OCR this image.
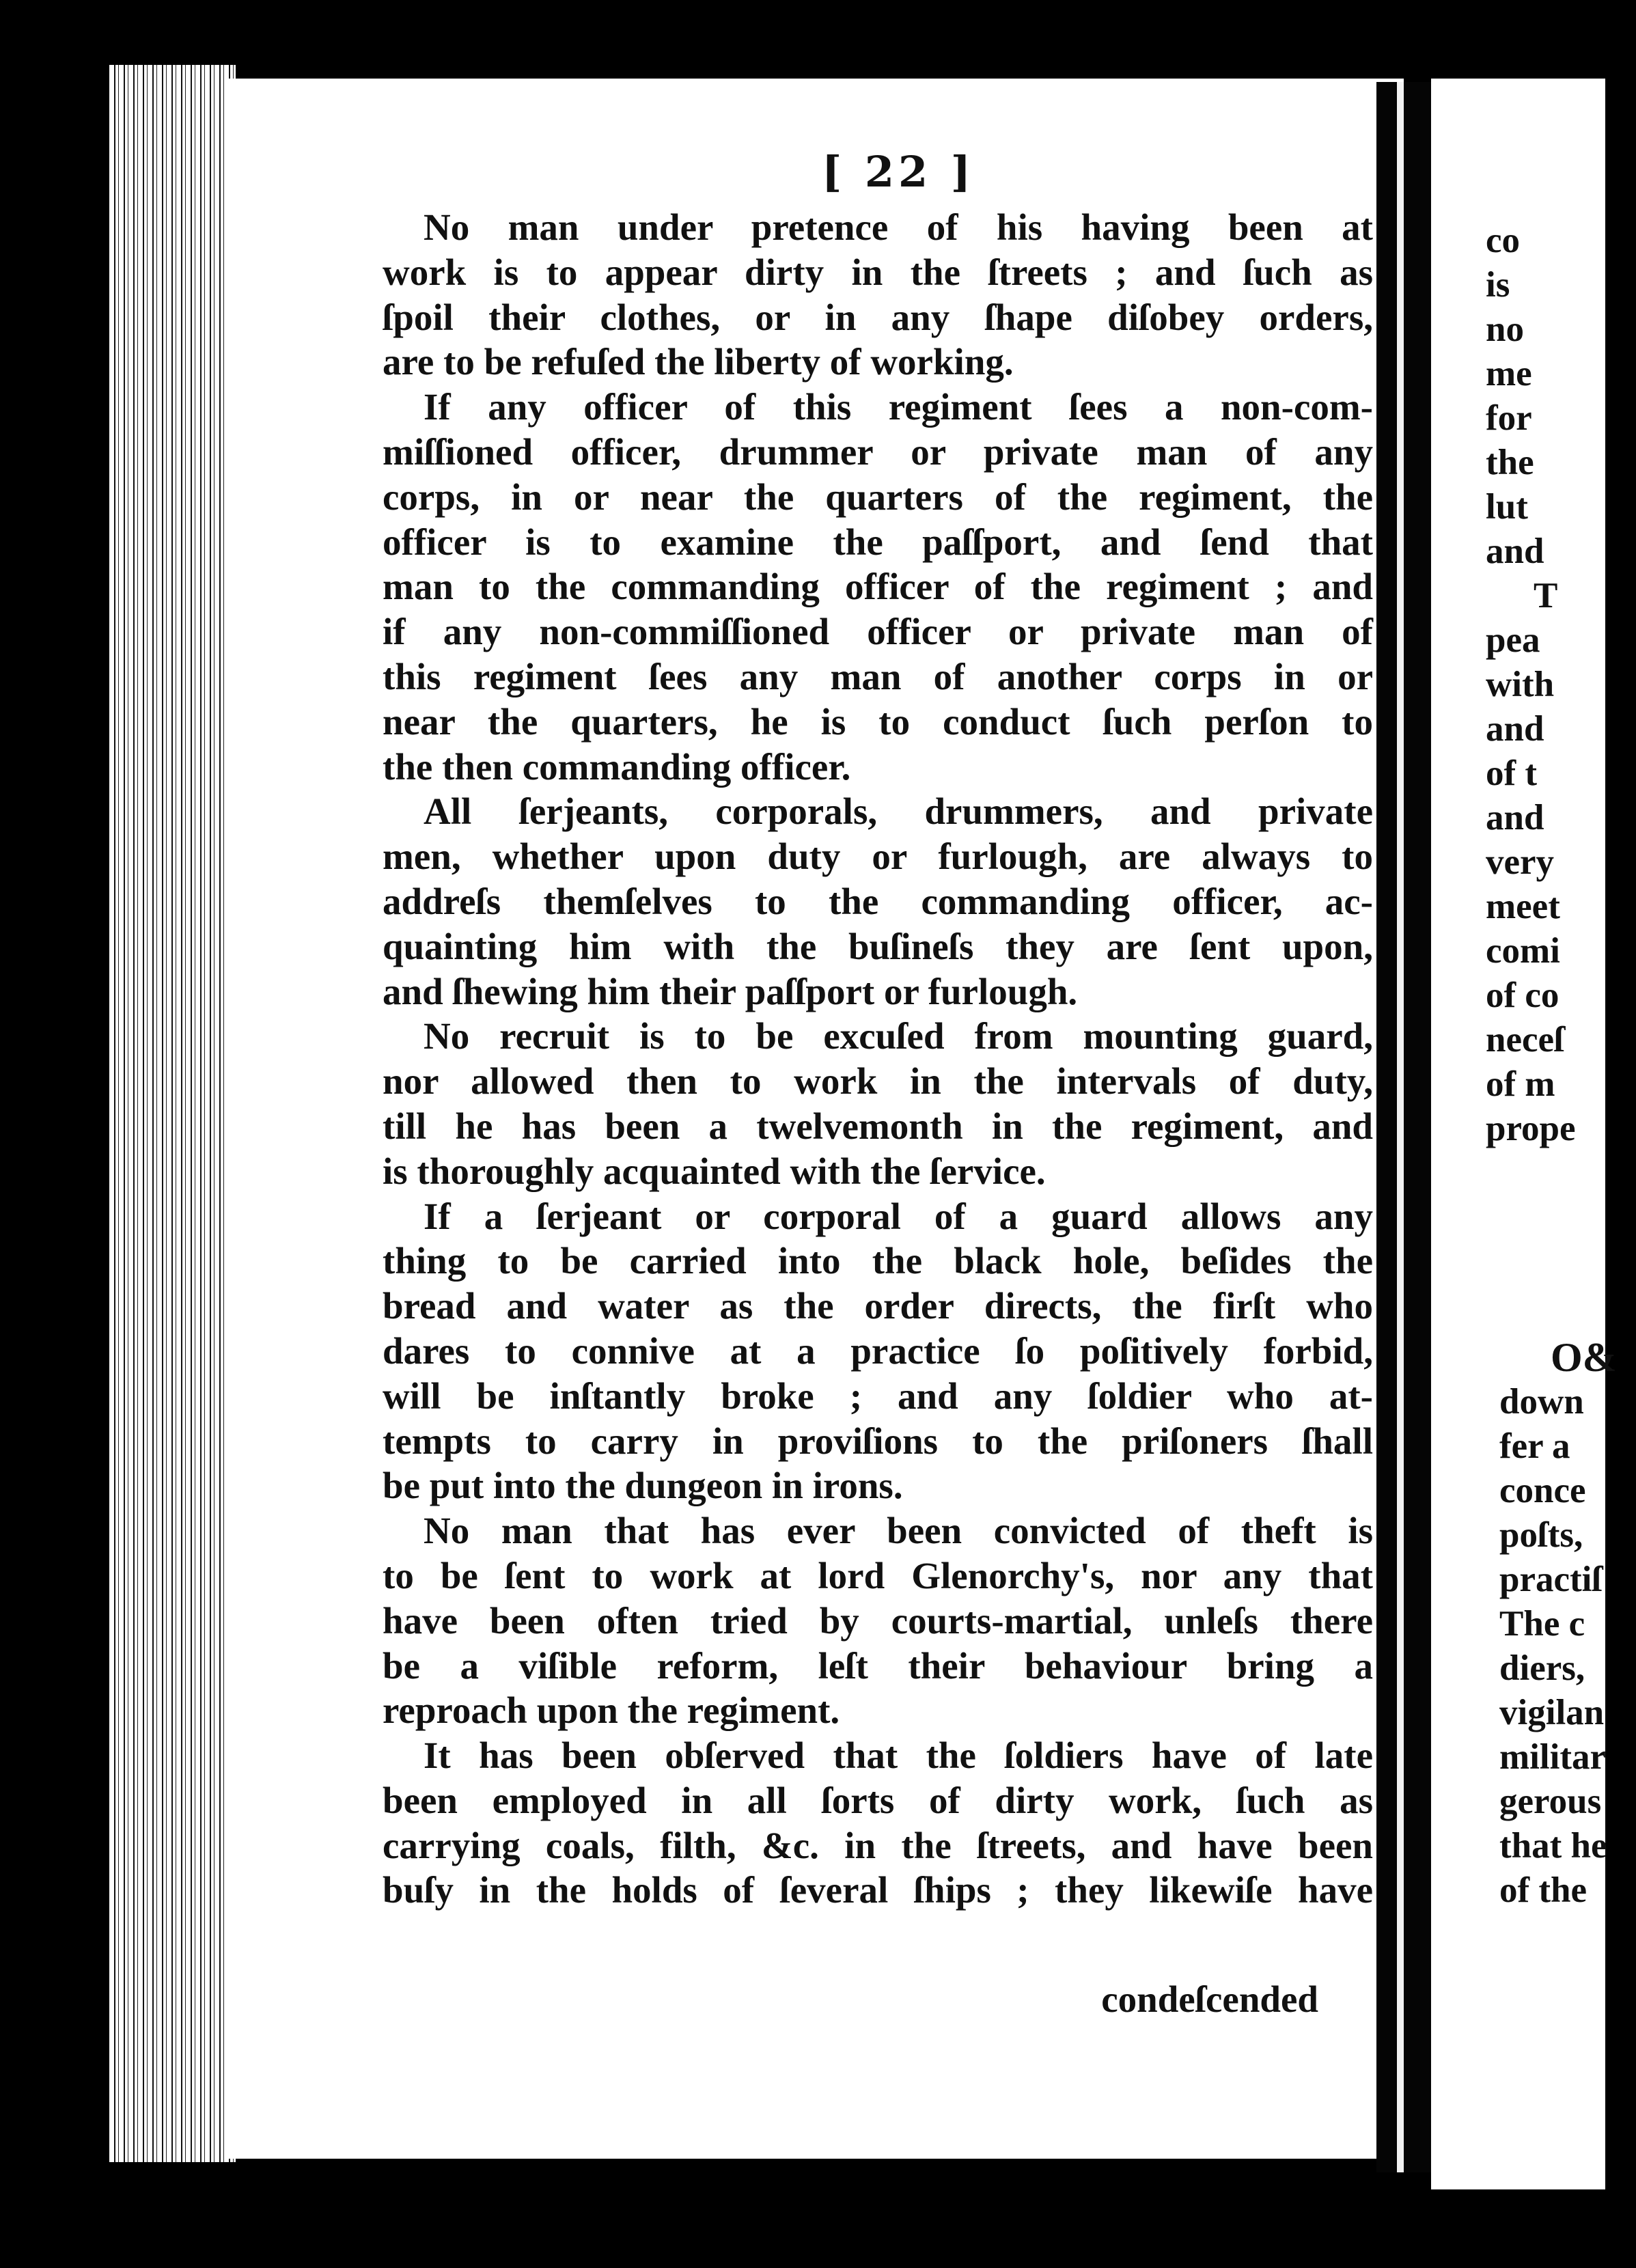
[ 22 ]
No man under pretence of his having been at
work is to appear dirty in the ſtreets ; and ſuch as
ſpoil their clothes, or in any ſhape diſobey orders,
are to be refuſed the liberty of working.
If any officer of this regiment ſees a non-com-
miſſioned officer, drummer or private man of any
corps, in or near the quarters of the regiment, the
officer is to examine the paſſport, and ſend that
man to the commanding officer of the regiment ; and
if any non-commiſſioned officer or private man of
this regiment ſees any man of another corps in or
near the quarters, he is to conduct ſuch perſon to
the then commanding officer.
All ſerjeants, corporals, drummers, and private
men, whether upon duty or furlough, are always to
addreſs themſelves to the commanding officer, ac-
quainting him with the buſineſs they are ſent upon,
and ſhewing him their paſſport or furlough.
No recruit is to be excuſed from mounting guard,
nor allowed then to work in the intervals of duty,
till he has been a twelvemonth in the regiment, and
is thoroughly acquainted with the ſervice.
If a ſerjeant or corporal of a guard allows any
thing to be carried into the black hole, beſides the
bread and water as the order directs, the firſt who
dares to connive at a practice ſo poſitively forbid,
will be inſtantly broke ; and any ſoldier who at-
tempts to carry in proviſions to the priſoners ſhall
be put into the dungeon in irons.
No man that has ever been convicted of theft is
to be ſent to work at lord Glenorchy's, nor any that
have been often tried by courts-martial, unleſs there
be a viſible reform, leſt their behaviour bring a
reproach upon the regiment.
It has been obſerved that the ſoldiers have of late
been employed in all ſorts of dirty work, ſuch as
carrying coals, filth, &c. in the ſtreets, and have been
buſy in the holds of ſeveral ſhips ; they likewiſe have
condeſcended
co
is
no
me
for
the
lut
and
T
pea
with
and
of t
and
very
meet
comi
of co
neceſ
of m
prope
O&
down
fer a
conce
poſts,
practiſ
The c
diers,
vigilan
militar
gerous
that he
of the
